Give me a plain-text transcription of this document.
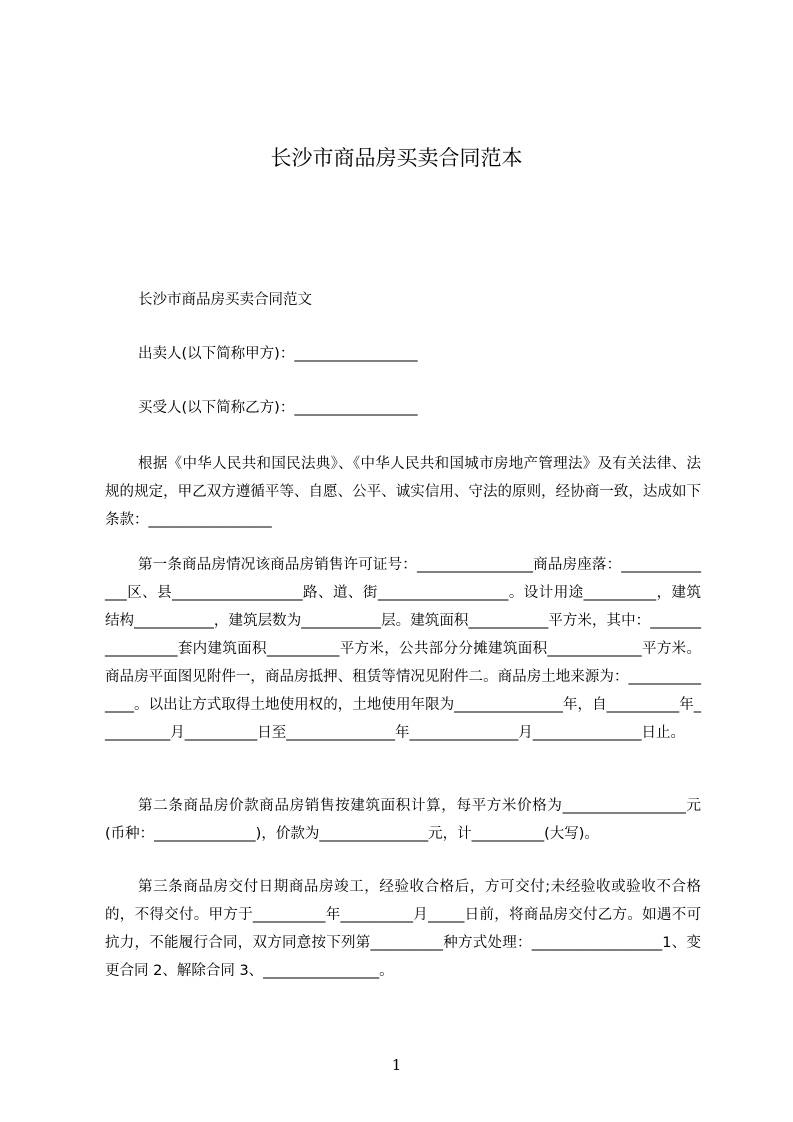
长沙市商品房买卖合同范本
长沙市商品房买卖合同范文
出卖人(以下简称甲方)：_________________
买受人(以下简称乙方)：_________________
根据《中华人民共和国民法典》、《中华人民共和国城市房地产管理法》及有关法律、法规的规定，甲乙双方遵循平等、自愿、公平、诚实信用、守法的原则，经协商一致，达成如下条款：_________________
第一条商品房情况该商品房销售许可证号：________________商品房座落：______________区、县__________________路、道、街__________________。设计用途__________，建筑结构___________，建筑层数为___________层。建筑面积___________平方米，其中：_________________套内建筑面积__________平方米，公共部分分摊建筑面积_____________平方米。商品房平面图见附件一，商品房抵押、租赁等情况见附件二。商品房土地来源为：______________。以出让方式取得土地使用权的，土地使用年限为_______________年，自__________年__________月__________日至_______________年_______________月_______________日止。
第二条商品房价款商品房销售按建筑面积计算，每平方米价格为_________________元(币种：______________)，价款为_______________元，计__________(大写)。
第三条商品房交付日期商品房竣工，经验收合格后，方可交付;未经验收或验收不合格的，不得交付。甲方于__________年__________月_____日前，将商品房交付乙方。如遇不可抗力，不能履行合同，双方同意按下列第__________种方式处理：__________________1、变更合同 2、解除合同 3、________________。
1
